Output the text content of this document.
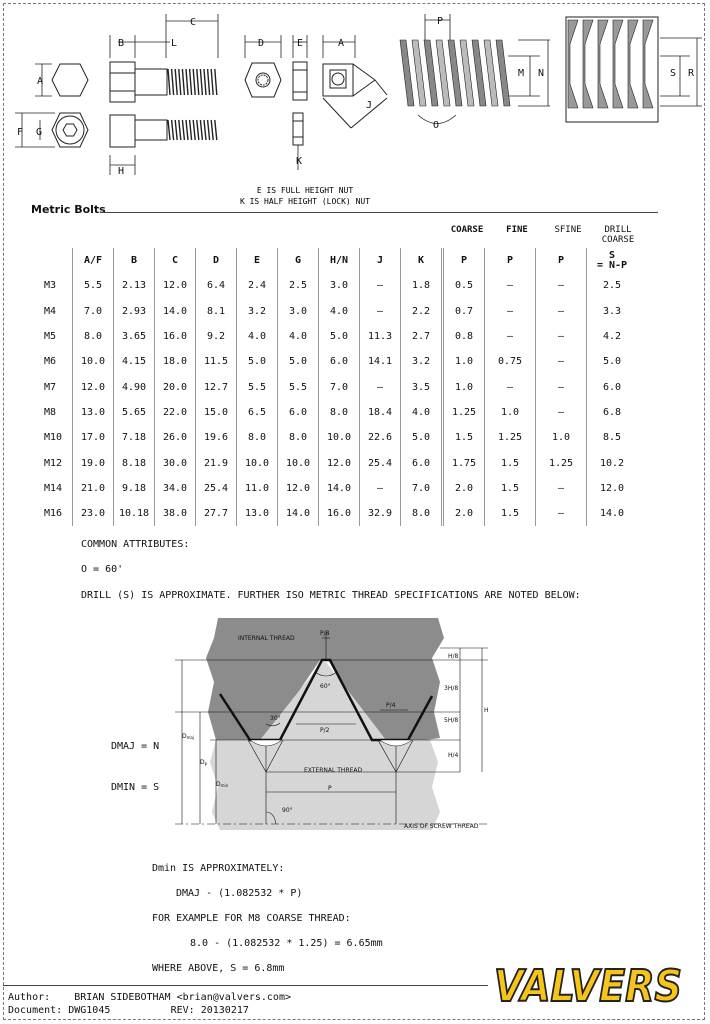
C
B	L	D	E	A
P
A
F G
M N	S R
J
O
H
K
E IS FULL HEIGHT NUT
K IS HALF HEIGHT (LOCK) NUT
Metric Bolts
COARSE	FINE	SFINE	DRILL
COARSE
	A/F	B	C	D	E	G	H/N	J	K	P	P	P	S
= N-P
M3	5.5	2.13	12.0	6.4	2.4	2.5	3.0	–	1.8	0.5	–	–	2.5
M4	7.0	2.93	14.0	8.1	3.2	3.0	4.0	–	2.2	0.7	–	–	3.3
M5	8.0	3.65	16.0	9.2	4.0	4.0	5.0	11.3	2.7	0.8	–	–	4.2
M6	10.0	4.15	18.0	11.5	5.0	5.0	6.0	14.1	3.2	1.0	0.75	–	5.0
M7	12.0	4.90	20.0	12.7	5.5	5.5	7.0	–	3.5	1.0	–	–	6.0
M8	13.0	5.65	22.0	15.0	6.5	6.0	8.0	18.4	4.0	1.25	1.0	–	6.8
M10	17.0	7.18	26.0	19.6	8.0	8.0	10.0	22.6	5.0	1.5	1.25	1.0	8.5
M12	19.0	8.18	30.0	21.9	10.0	10.0	12.0	25.4	6.0	1.75	1.5	1.25	10.2
M14	21.0	9.18	34.0	25.4	11.0	12.0	14.0	–	7.0	2.0	1.5	–	12.0
M16	23.0	10.18	38.0	27.7	13.0	14.0	16.0	32.9	8.0	2.0	1.5	–	14.0
COMMON ATTRIBUTES:
O = 60'
DRILL (S) IS APPROXIMATE. FURTHER ISO METRIC THREAD SPECIFICATIONS ARE NOTED BELOW:
INTERNAL THREAD
EXTERNAL THREAD
AXIS OF SCREW THREAD
P/8
P/4
P/2
P
60°
30°
90°
H/8
3H/8
5H/8
H/4
H
Dmaj
Dp
Dmin
DMAJ = N
DMIN = S
Dmin IS APPROXIMATELY:
DMAJ - (1.082532 * P)
FOR EXAMPLE FOR M8 COARSE THREAD:
8.0 - (1.082532 * 1.25) = 6.65mm
WHERE ABOVE, S = 6.8mm
Author: BRIAN SIDEBOTHAM <brian@valvers.com>
Document: DWG1045	REV: 20130217	VALVERS
